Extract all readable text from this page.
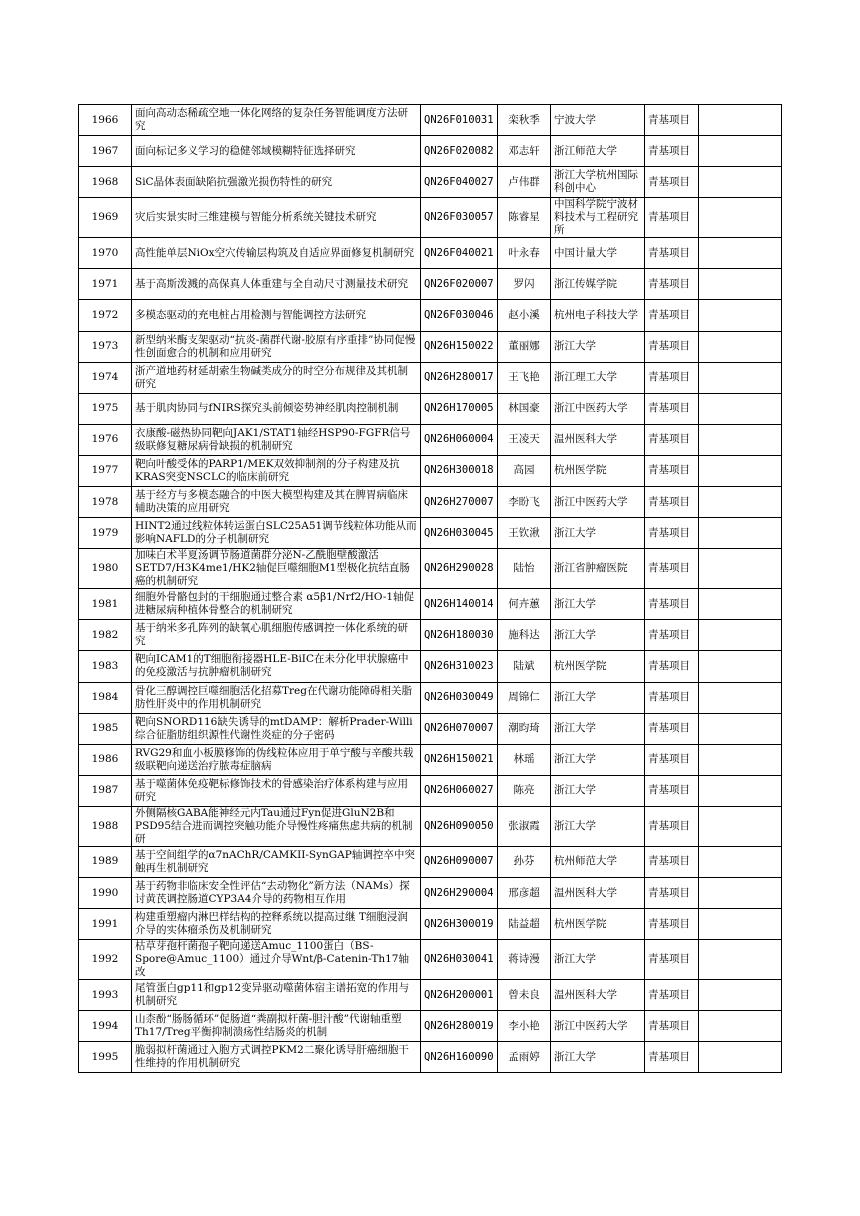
1966	面向高动态稀疏空地一体化网络的复杂任务智能调度方法研究	QN26F010031	栾秋季	宁波大学	青基项目	
1967	面向标记多义学习的稳健邻域模糊特征选择研究	QN26F020082	邓志轩	浙江师范大学	青基项目	
1968	SiC晶体表面缺陷抗强激光损伤特性的研究	QN26F040027	卢伟群	浙江大学杭州国际科创中心	青基项目	
1969	灾后实景实时三维建模与智能分析系统关键技术研究	QN26F030057	陈睿星	中国科学院宁波材料技术与工程研究所	青基项目	
1970	高性能单层NiOx空穴传输层构筑及自适应界面修复机制研究	QN26F040021	叶永春	中国计量大学	青基项目	
1971	基于高斯泼溅的高保真人体重建与全自动尺寸测量技术研究	QN26F020007	罗闪	浙江传媒学院	青基项目	
1972	多模态驱动的充电桩占用检测与智能调控方法研究	QN26F030046	赵小溪	杭州电子科技大学	青基项目	
1973	新型纳米酶支架驱动“抗炎-菌群代谢-胶原有序重排”协同促慢性创面愈合的机制和应用研究	QN26H150022	董丽娜	浙江大学	青基项目	
1974	浙产道地药材延胡索生物碱类成分的时空分布规律及其机制研究	QN26H280017	王飞艳	浙江理工大学	青基项目	
1975	基于肌肉协同与fNIRS探究头前倾姿势神经肌肉控制机制	QN26H170005	林国豪	浙江中医药大学	青基项目	
1976	衣康酸-磁热协同靶向JAK1/STAT1轴经HSP90-FGFR信号级联修复糖尿病骨缺损的机制研究	QN26H060004	王凌天	温州医科大学	青基项目	
1977	靶向叶酸受体的PARP1/MEK双效抑制剂的分子构建及抗KRAS突变NSCLC的临床前研究	QN26H300018	高园	杭州医学院	青基项目	
1978	基于经方与多模态融合的中医大模型构建及其在脾胃病临床辅助决策的应用研究	QN26H270007	李盼飞	浙江中医药大学	青基项目	
1979	HINT2通过线粒体转运蛋白SLC25A51调节线粒体功能从而影响NAFLD的分子机制研究	QN26H030045	王钦湫	浙江大学	青基项目	
1980	加味白术半夏汤调节肠道菌群分泌N-乙酰胞壁酸激活SETD7/H3K4me1/HK2轴促巨噬细胞M1型极化抗结直肠癌的机制研究	QN26H290028	陆怡	浙江省肿瘤医院	青基项目	
1981	细胞外骨骼包封的干细胞通过整合素 α5β1/Nrf2/HO-1轴促进糖尿病种植体骨整合的机制研究	QN26H140014	何卉蕙	浙江大学	青基项目	
1982	基于纳米多孔阵列的缺氧心肌细胞传感调控一体化系统的研究	QN26H180030	施科达	浙江大学	青基项目	
1983	靶向ICAM1的T细胞衔接器HLE-BiIC在未分化甲状腺癌中的免疫激活与抗肿瘤机制研究	QN26H310023	陆斌	杭州医学院	青基项目	
1984	骨化三醇调控巨噬细胞活化招募Treg在代谢功能障碍相关脂肪性肝炎中的作用机制研究	QN26H030049	周锦仁	浙江大学	青基项目	
1985	靶向SNORD116缺失诱导的mtDAMP：解析Prader-Willi综合征脂肪组织源性代谢性炎症的分子密码	QN26H070007	潮昀琦	浙江大学	青基项目	
1986	RVG29和血小板膜修饰的伪线粒体应用于单宁酸与辛酸共载级联靶向递送治疗脓毒症脑病	QN26H150021	林瑶	浙江大学	青基项目	
1987	基于噬菌体免疫靶标修饰技术的骨感染治疗体系构建与应用研究	QN26H060027	陈亮	浙江大学	青基项目	
1988	外侧隔核GABA能神经元内Tau通过Fyn促进GluN2B和PSD95结合进而调控突触功能介导慢性疼痛焦虑共病的机制研	QN26H090050	张淑霞	浙江大学	青基项目	
1989	基于空间组学的α7nAChR/CAMKII-SynGAP轴调控卒中突触再生机制研究	QN26H090007	孙芬	杭州师范大学	青基项目	
1990	基于药物非临床安全性评估“去动物化”新方法（NAMs）探讨黄芪调控肠道CYP3A4介导的药物相互作用	QN26H290004	邢彦超	温州医科大学	青基项目	
1991	构建重塑瘤内淋巴样结构的控释系统以提高过继 T细胞浸润介导的实体瘤杀伤及机制研究	QN26H300019	陆益超	杭州医学院	青基项目	
1992	枯草芽孢杆菌孢子靶向递送Amuc_1100蛋白（BS-Spore@Amuc_1100）通过介导Wnt/β-Catenin-Th17轴改	QN26H030041	蒋诗漫	浙江大学	青基项目	
1993	尾管蛋白gp11和gp12变异驱动噬菌体宿主谱拓宽的作用与机制研究	QN26H200001	曾未良	温州医科大学	青基项目	
1994	山柰酚“肠肠循环”促肠道“粪副拟杆菌-胆汁酸”代谢轴重塑Th17/Treg平衡抑制溃疡性结肠炎的机制	QN26H280019	李小艳	浙江中医药大学	青基项目	
1995	脆弱拟杆菌通过入胞方式调控PKM2二聚化诱导肝癌细胞干性维持的作用机制研究	QN26H160090	孟雨婷	浙江大学	青基项目	
